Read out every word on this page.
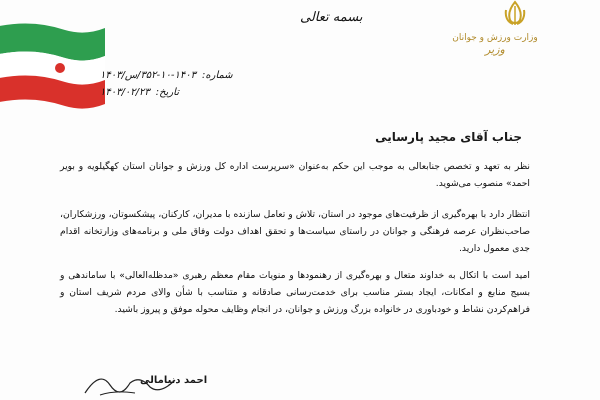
وزارت ورزش و جوانان
وزیر
بسمه تعالی
شماره:
۳۵۲-۱۰-۱۴۰۳/س/۱۴۰۳
تاریخ:
۱۴۰۳/۰۲/۲۳
جناب آقای مجید پارسایی

نظر به تعهد و تخصص جنابعالی به موجب این حکم به‌عنوان «سرپرست اداره کل ورزش و جوانان استان کهگیلویه و بویر احمد» منصوب می‌شوید.

انتظار دارد با بهره‌گیری از ظرفیت‌های موجود در استان، تلاش و تعامل سازنده با مدیران، کارکنان، پیشکسوتان، ورزشکاران، صاحب‌نظران عرصه فرهنگی و جوانان در راستای سیاست‌ها و تحقق اهداف دولت وفاق ملی و برنامه‌های وزارتخانه اقدام جدی معمول دارید.

امید است با اتکال به خداوند متعال و بهره‌گیری از رهنمودها و منویات مقام معظم رهبری «مدظله‌العالی» با ساماندهی و بسیج منابع و امکانات، ایجاد بستر مناسب برای خدمت‌رسانی صادقانه و متناسب با شأن والای مردم شریف استان و فراهم‌کردن نشاط و خودباوری در خانواده بزرگ ورزش و جوانان، در انجام وظایف محوله موفق و پیروز باشید.

احمد دنیامالی
